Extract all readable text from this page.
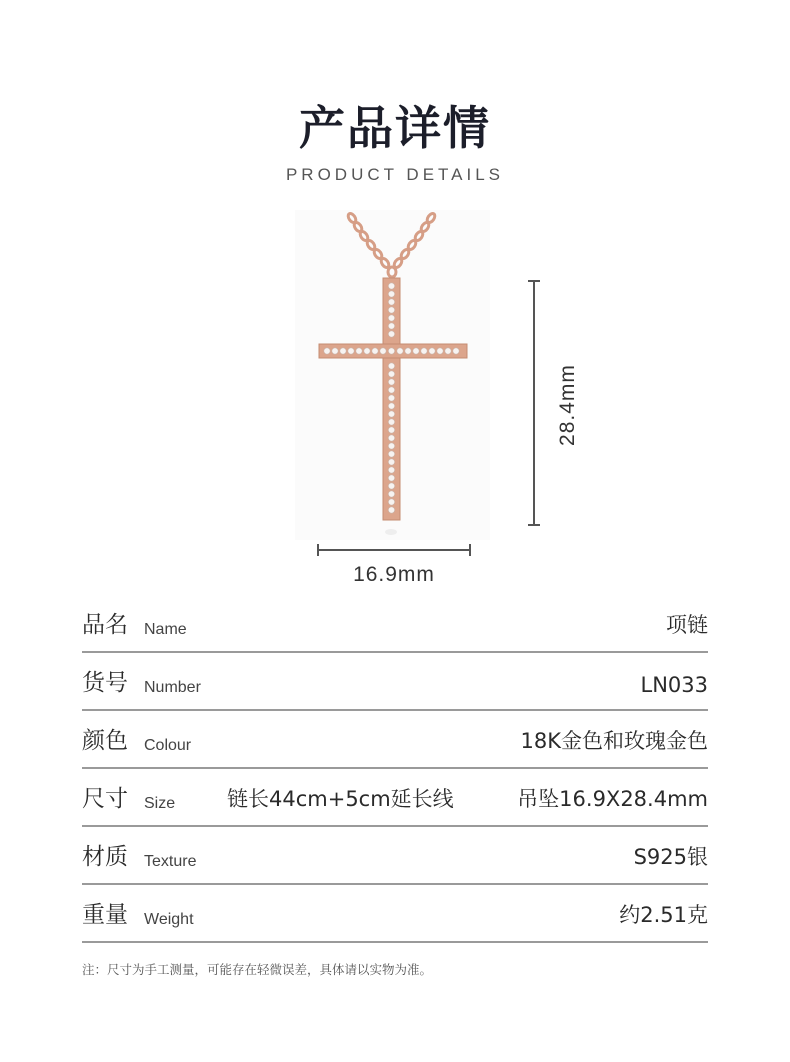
产品详情
PRODUCT DETAILS
28.4mm
16.9mm
品名 Name	项链
货号 Number	LN033
颜色 Colour	18K金色和玫瑰金色
尺寸 Size 链长44cm+5cm延长线	吊坠16.9X28.4mm
材质 Texture	S925银
重量 Weight	约2.51克
注：尺寸为手工测量，可能存在轻微误差，具体请以实物为准。
